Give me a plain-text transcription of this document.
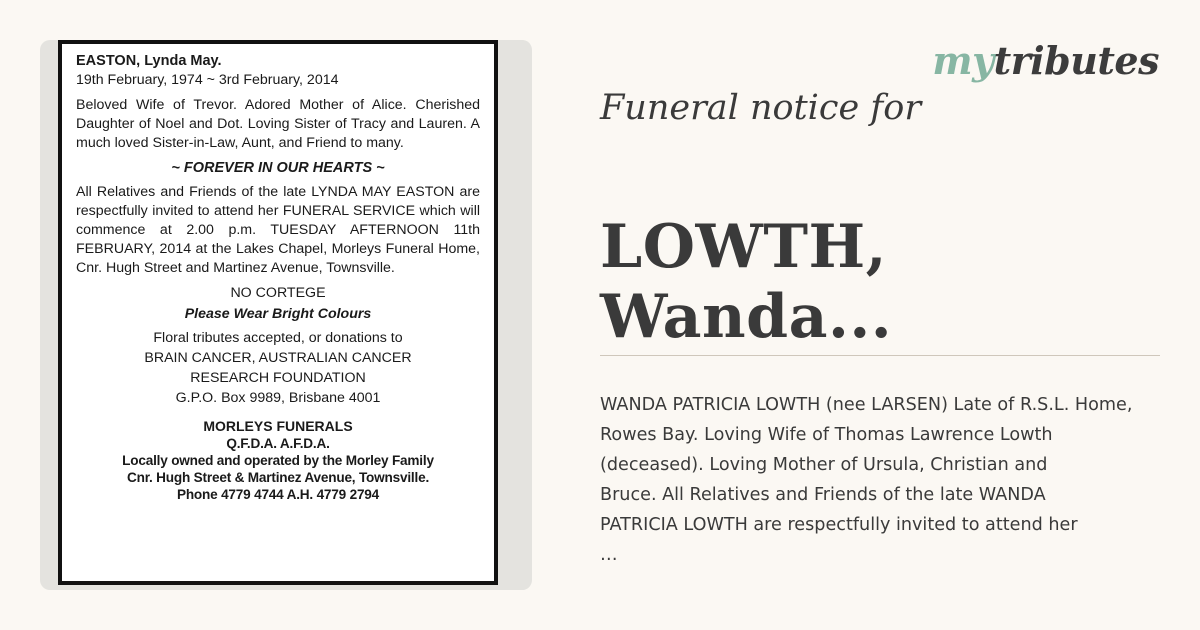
EASTON, Lynda May.
19th February, 1974 ~ 3rd February, 2014

Beloved Wife of Trevor. Adored Mother of Alice. Cherished Daughter of Noel and Dot. Loving Sister of Tracy and Lauren. A much loved Sister-in-Law, Aunt, and Friend to many.

~ FOREVER IN OUR HEARTS ~

All Relatives and Friends of the late LYNDA MAY EASTON are respectfully invited to attend her FUNERAL SERVICE which will commence at 2.00 p.m. TUESDAY AFTERNOON 11th FEBRUARY, 2014 at the Lakes Chapel, Morleys Funeral Home, Cnr. Hugh Street and Martinez Avenue, Townsville.

NO CORTEGE
Please Wear Bright Colours
Floral tributes accepted, or donations to
BRAIN CANCER, AUSTRALIAN CANCER
RESEARCH FOUNDATION
G.P.O. Box 9989, Brisbane 4001
MORLEYS FUNERALS
Q.F.D.A. A.F.D.A.
Locally owned and operated by the Morley Family
Cnr. Hugh Street & Martinez Avenue, Townsville.
Phone 4779 4744 A.H. 4779 2794
mytributes
Funeral notice for
LOWTH, Wanda...
WANDA PATRICIA LOWTH (nee LARSEN) Late of R.S.L. Home,
Rowes Bay. Loving Wife of Thomas Lawrence Lowth
(deceased). Loving Mother of Ursula, Christian and
Bruce. All Relatives and Friends of the late WANDA
PATRICIA LOWTH are respectfully invited to attend her
…
